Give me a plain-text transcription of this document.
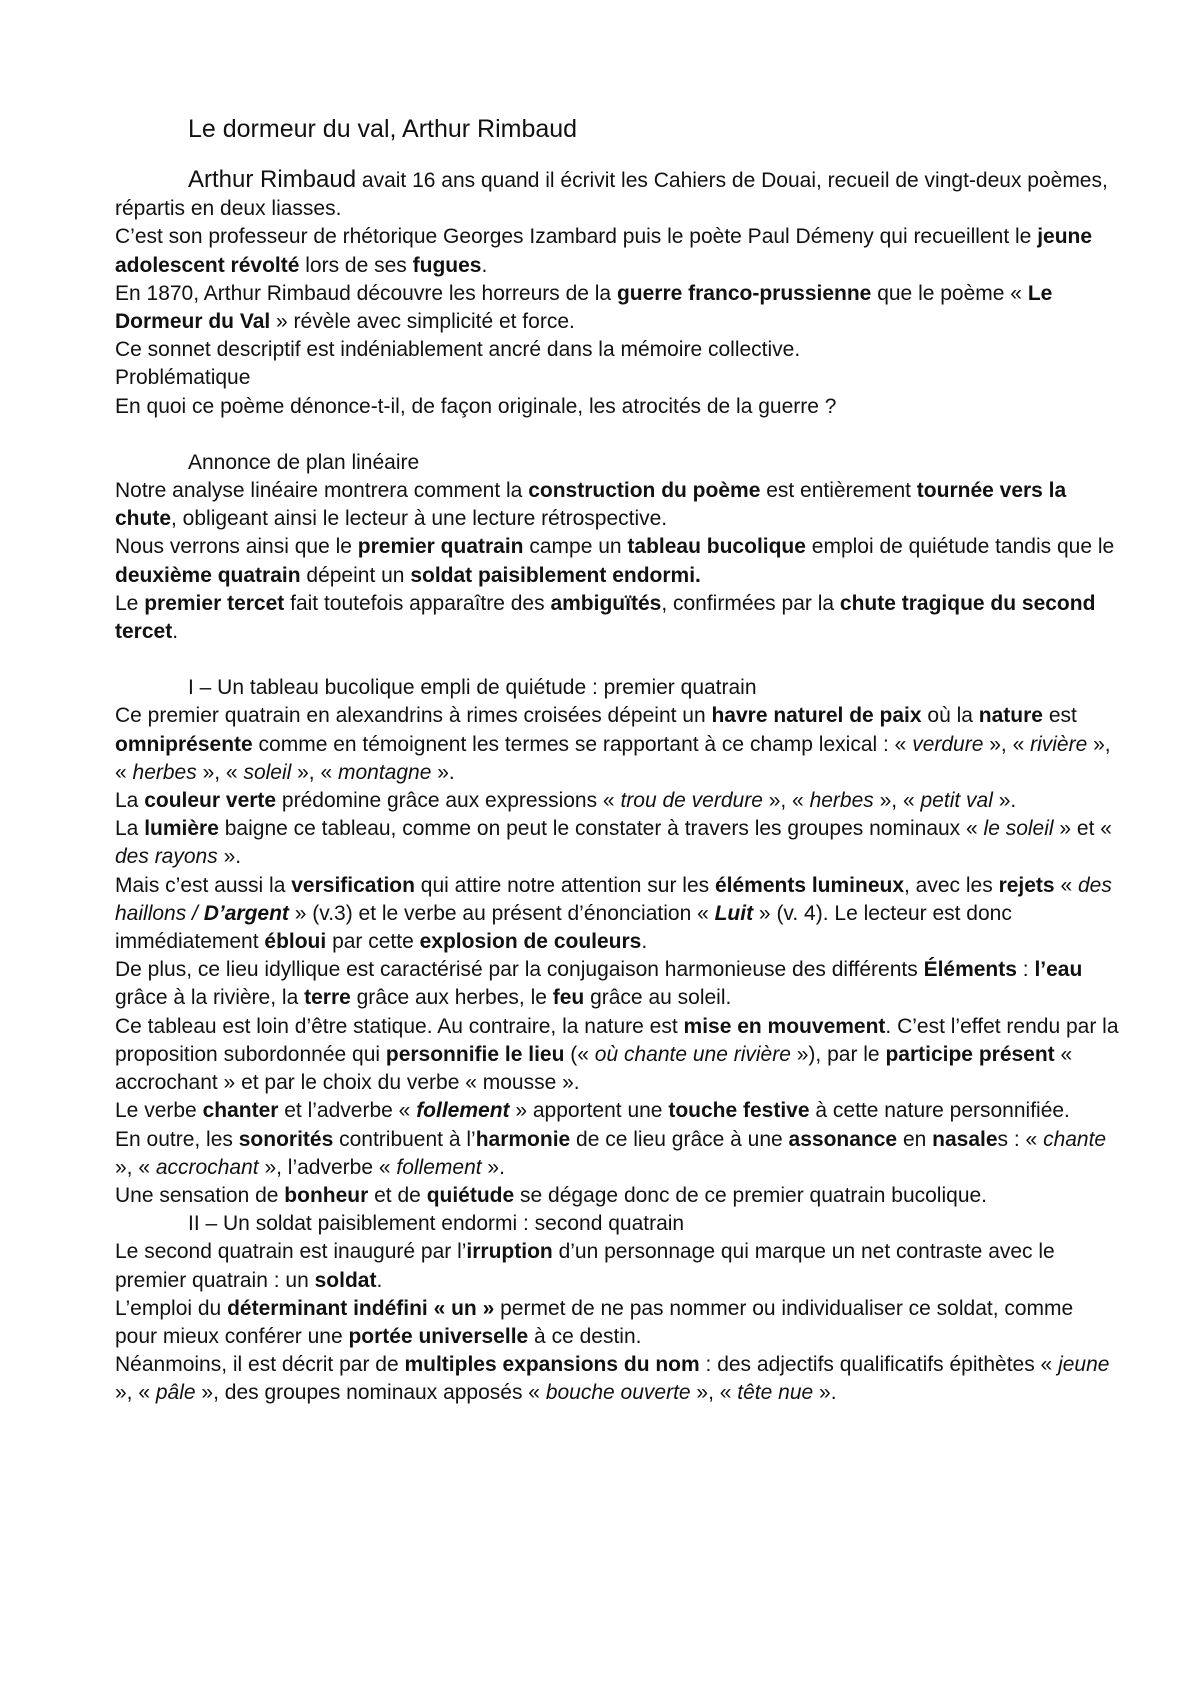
Le dormeur du val, Arthur Rimbaud

Arthur Rimbaud avait 16 ans quand il écrivit les Cahiers de Douai, recueil de vingt-deux poèmes, répartis en deux liasses.

C’est son professeur de rhétorique Georges Izambard puis le poète Paul Démeny qui recueillent le jeune adolescent révolté lors de ses fugues.

En 1870, Arthur Rimbaud découvre les horreurs de la guerre franco-prussienne que le poème « Le Dormeur du Val » révèle avec simplicité et force.

Ce sonnet descriptif est indéniablement ancré dans la mémoire collective.

Problématique

En quoi ce poème dénonce-t-il, de façon originale, les atrocités de la guerre ?

Annonce de plan linéaire

Notre analyse linéaire montrera comment la construction du poème est entièrement tournée vers la chute, obligeant ainsi le lecteur à une lecture rétrospective.

Nous verrons ainsi que le premier quatrain campe un tableau bucolique emploi de quiétude tandis que le deuxième quatrain dépeint un soldat paisiblement endormi.

Le premier tercet fait toutefois apparaître des ambiguïtés, confirmées par la chute tragique du second tercet.

I – Un tableau bucolique empli de quiétude : premier quatrain

Ce premier quatrain en alexandrins à rimes croisées dépeint un havre naturel de paix où la nature est omniprésente comme en témoignent les termes se rapportant à ce champ lexical : « verdure », « rivière », « herbes », « soleil », « montagne ».

La couleur verte prédomine grâce aux expressions « trou de verdure », « herbes », « petit val ».

La lumière baigne ce tableau, comme on peut le constater à travers les groupes nominaux « le soleil » et « des rayons ».

Mais c’est aussi la versification qui attire notre attention sur les éléments lumineux, avec les rejets « des haillons / D’argent » (v.3) et le verbe au présent d’énonciation « Luit » (v. 4). Le lecteur est donc immédiatement ébloui par cette explosion de couleurs.

De plus, ce lieu idyllique est caractérisé par la conjugaison harmonieuse des différents Éléments : l’eau grâce à la rivière, la terre grâce aux herbes, le feu grâce au soleil.

Ce tableau est loin d’être statique. Au contraire, la nature est mise en mouvement. C’est l’effet rendu par la proposition subordonnée qui personnifie le lieu (« où chante une rivière »), par le participe présent « accrochant » et par le choix du verbe « mousse ».

Le verbe chanter et l’adverbe « follement » apportent une touche festive à cette nature personnifiée.

En outre, les sonorités contribuent à l’harmonie de ce lieu grâce à une assonance en nasales : « chante », « accrochant », l’adverbe « follement ».

Une sensation de bonheur et de quiétude se dégage donc de ce premier quatrain bucolique.

II – Un soldat paisiblement endormi : second quatrain

Le second quatrain est inauguré par l’irruption d’un personnage qui marque un net contraste avec le premier quatrain : un soldat.

L’emploi du déterminant indéfini « un » permet de ne pas nommer ou individualiser ce soldat, comme pour mieux conférer une portée universelle à ce destin.

Néanmoins, il est décrit par de multiples expansions du nom : des adjectifs qualificatifs épithètes « jeune », « pâle », des groupes nominaux apposés « bouche ouverte », « tête nue ».
